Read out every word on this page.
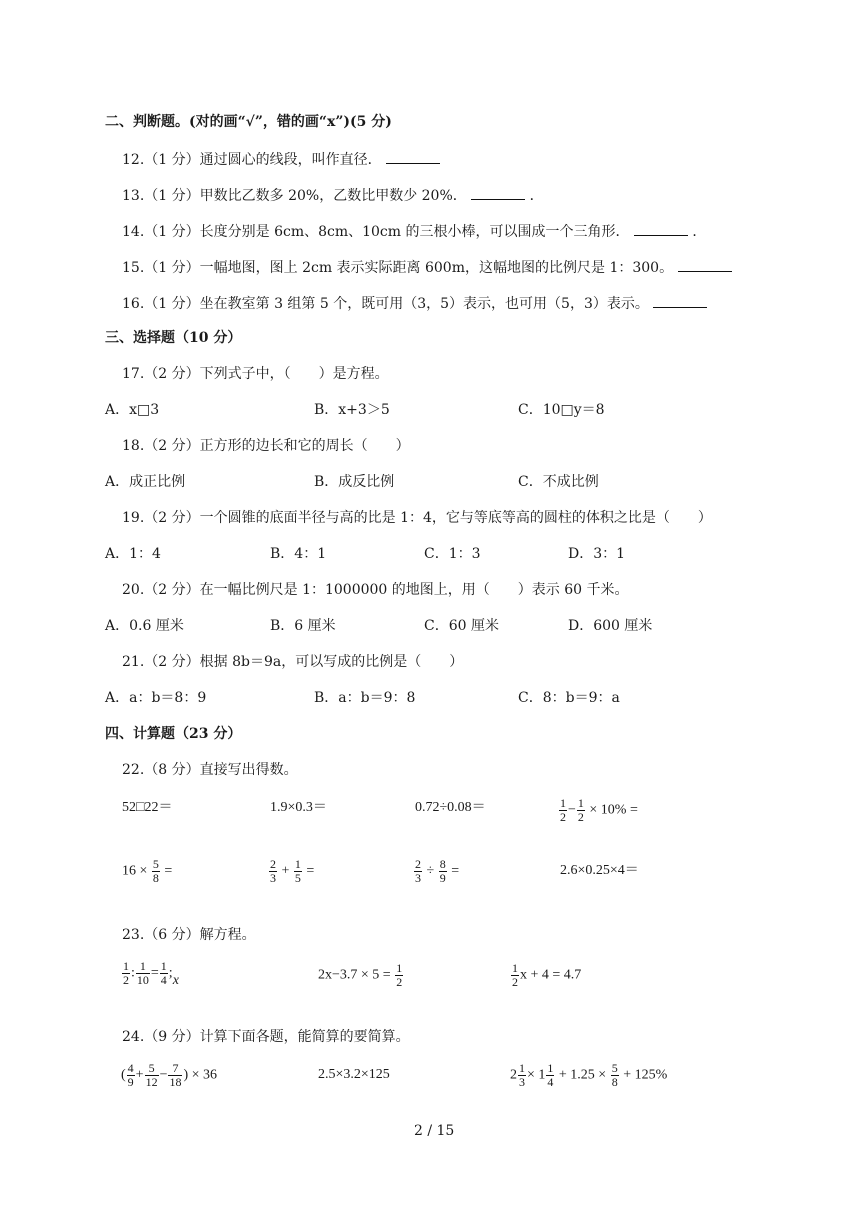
二、判断题。(对的画“√”，错的画“x”)(5 分)
12.（1 分）通过圆心的线段，叫作直径．
13.（1 分）甲数比乙数多 20%，乙数比甲数少 20%．	．
14.（1 分）长度分别是 6cm、8cm、10cm 的三根小棒，可以围成一个三角形．	．
15.（1 分）一幅地图，图上 2cm 表示实际距离 600m，这幅地图的比例尺是 1：300。
16.（1 分）坐在教室第 3 组第 5 个，既可用（3，5）表示，也可用（5，3）表示。
三、选择题（10 分）
17.（2 分）下列式子中，（　　）是方程。
A．x□3	B．x+3＞5	C．10□y＝8
18.（2 分）正方形的边长和它的周长（　　）
A．成正比例	B．成反比例	C．不成比例
19.（2 分）一个圆锥的底面半径与高的比是 1：4，它与等底等高的圆柱的体积之比是（　　）
A．1：4	B．4：1	C．1：3	D．3：1
20.（2 分）在一幅比例尺是 1：1000000 的地图上，用（　　）表示 60 千米。
A．0.6 厘米	B．6 厘米	C．60 厘米	D．600 厘米
21.（2 分）根据 8b＝9a，可以写成的比例是（　　）
A．a：b＝8：9	B．a：b＝9：8	C．8：b＝9：a
四、计算题（23 分）
22.（8 分）直接写出得数。
52□22＝	1.9×0.3＝	0.72÷0.08＝	$\frac{1}{2} - \frac{1}{2} \times 10\%$ =
$16 \times \frac{5}{8}$ =	$\frac{2}{3} + \frac{1}{5}$ =	$\frac{2}{3} \div \frac{8}{9}$ =	2.6×0.25×4＝
23.（6 分）解方程。
$\frac{1}{2}$ : $\frac{1}{10} = \frac{1}{4}$ ;x	$2x-3.7 \times 5 = \frac{1}{2}$	$\frac{1}{2}$ x + 4 = 4.7
24.（9 分）计算下面各题，能简算的要简算。
( $\frac{4}{9} + \frac{5}{12} - \frac{7}{18}$ ) × 36	2.5×3.2×125	$2 \frac{1}{3} \times 1 \frac{1}{4} + 1.25 \times \frac{5}{8} + 125\%$
2 / 15
